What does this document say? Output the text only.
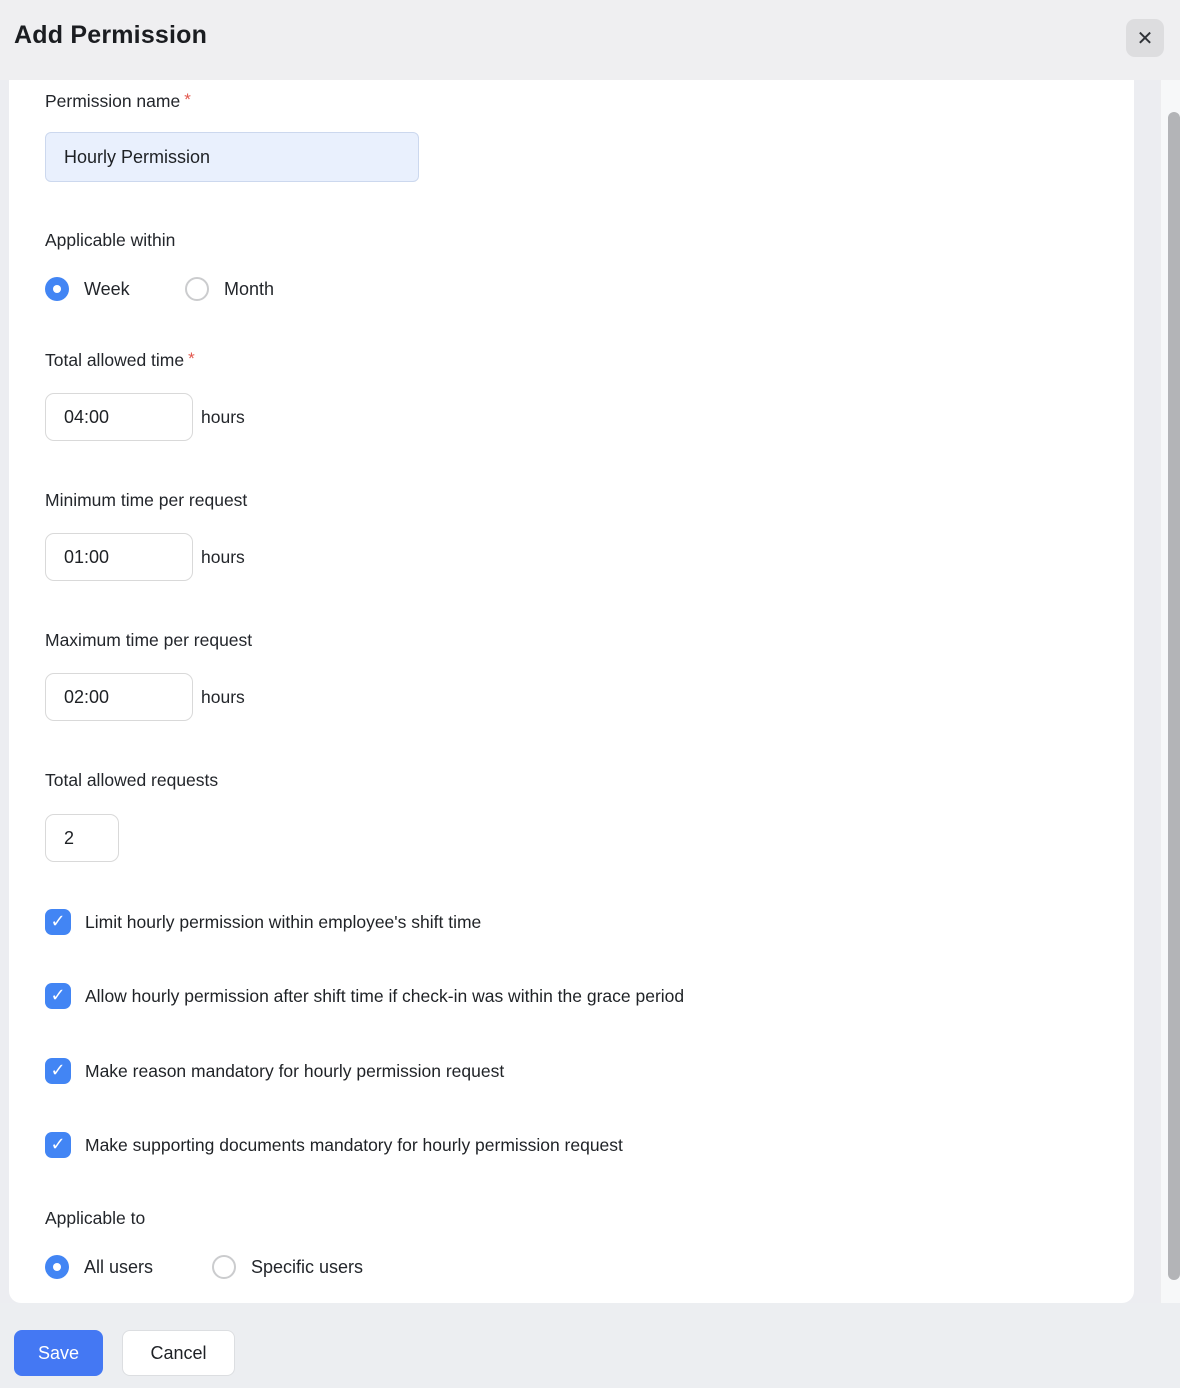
Add Permission	✕
Permission name *
Hourly Permission
Applicable within
Week	Month
Total allowed time *
04:00
hours
Minimum time per request
01:00
hours
Maximum time per request
02:00
hours
Total allowed requests
2
✓ Limit hourly permission within employee's shift time
✓ Allow hourly permission after shift time if check-in was within the grace period
✓ Make reason mandatory for hourly permission request
✓ Make supporting documents mandatory for hourly permission request
Applicable to
All users	Specific users
Save	Cancel
